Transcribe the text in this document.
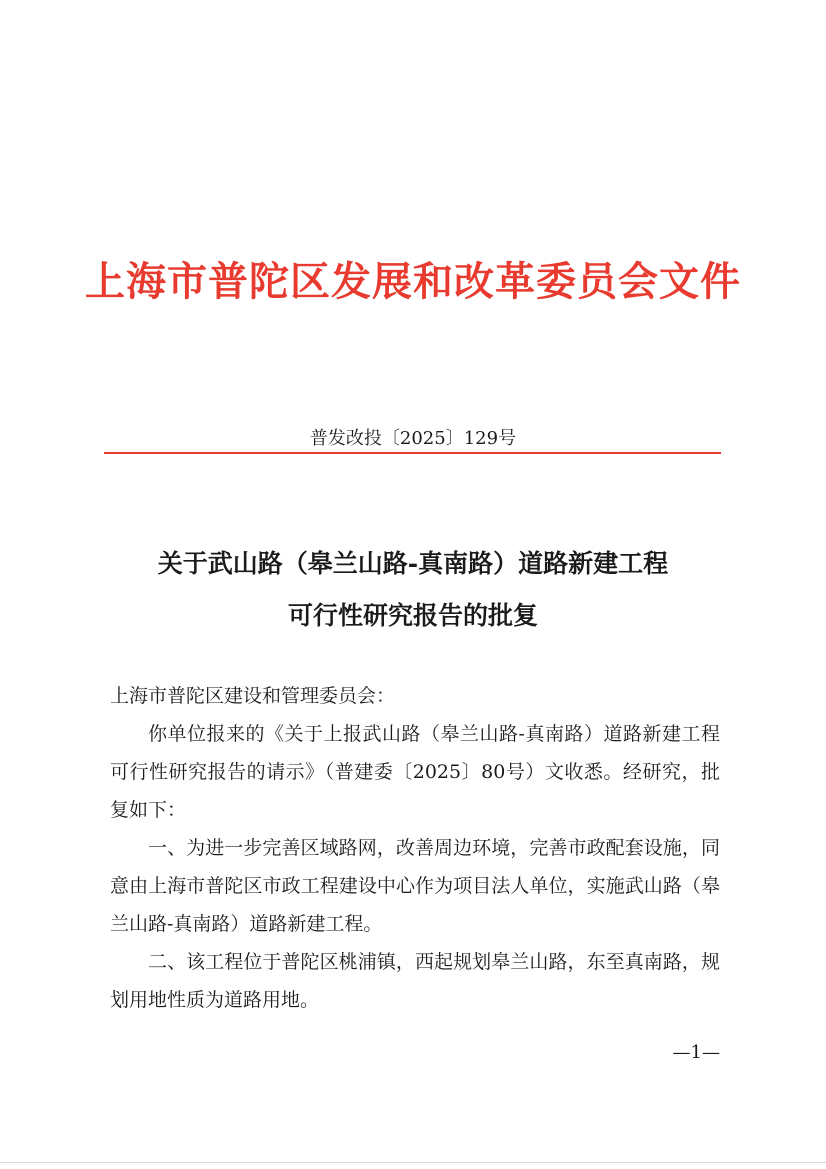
上海市普陀区发展和改革委员会文件
普发改投〔2025〕129号
关于武山路（皋兰山路-真南路）道路新建工程
可行性研究报告的批复

上海市普陀区建设和管理委员会：

你单位报来的《关于上报武山路（皋兰山路-真南路）道路新建工程可行性研究报告的请示》（普建委〔2025〕80号）文收悉。经研究，批复如下：

一、为进一步完善区域路网，改善周边环境，完善市政配套设施，同意由上海市普陀区市政工程建设中心作为项目法人单位，实施武山路（皋兰山路-真南路）道路新建工程。

二、该工程位于普陀区桃浦镇，西起规划皋兰山路，东至真南路，规划用地性质为道路用地。

—1—
